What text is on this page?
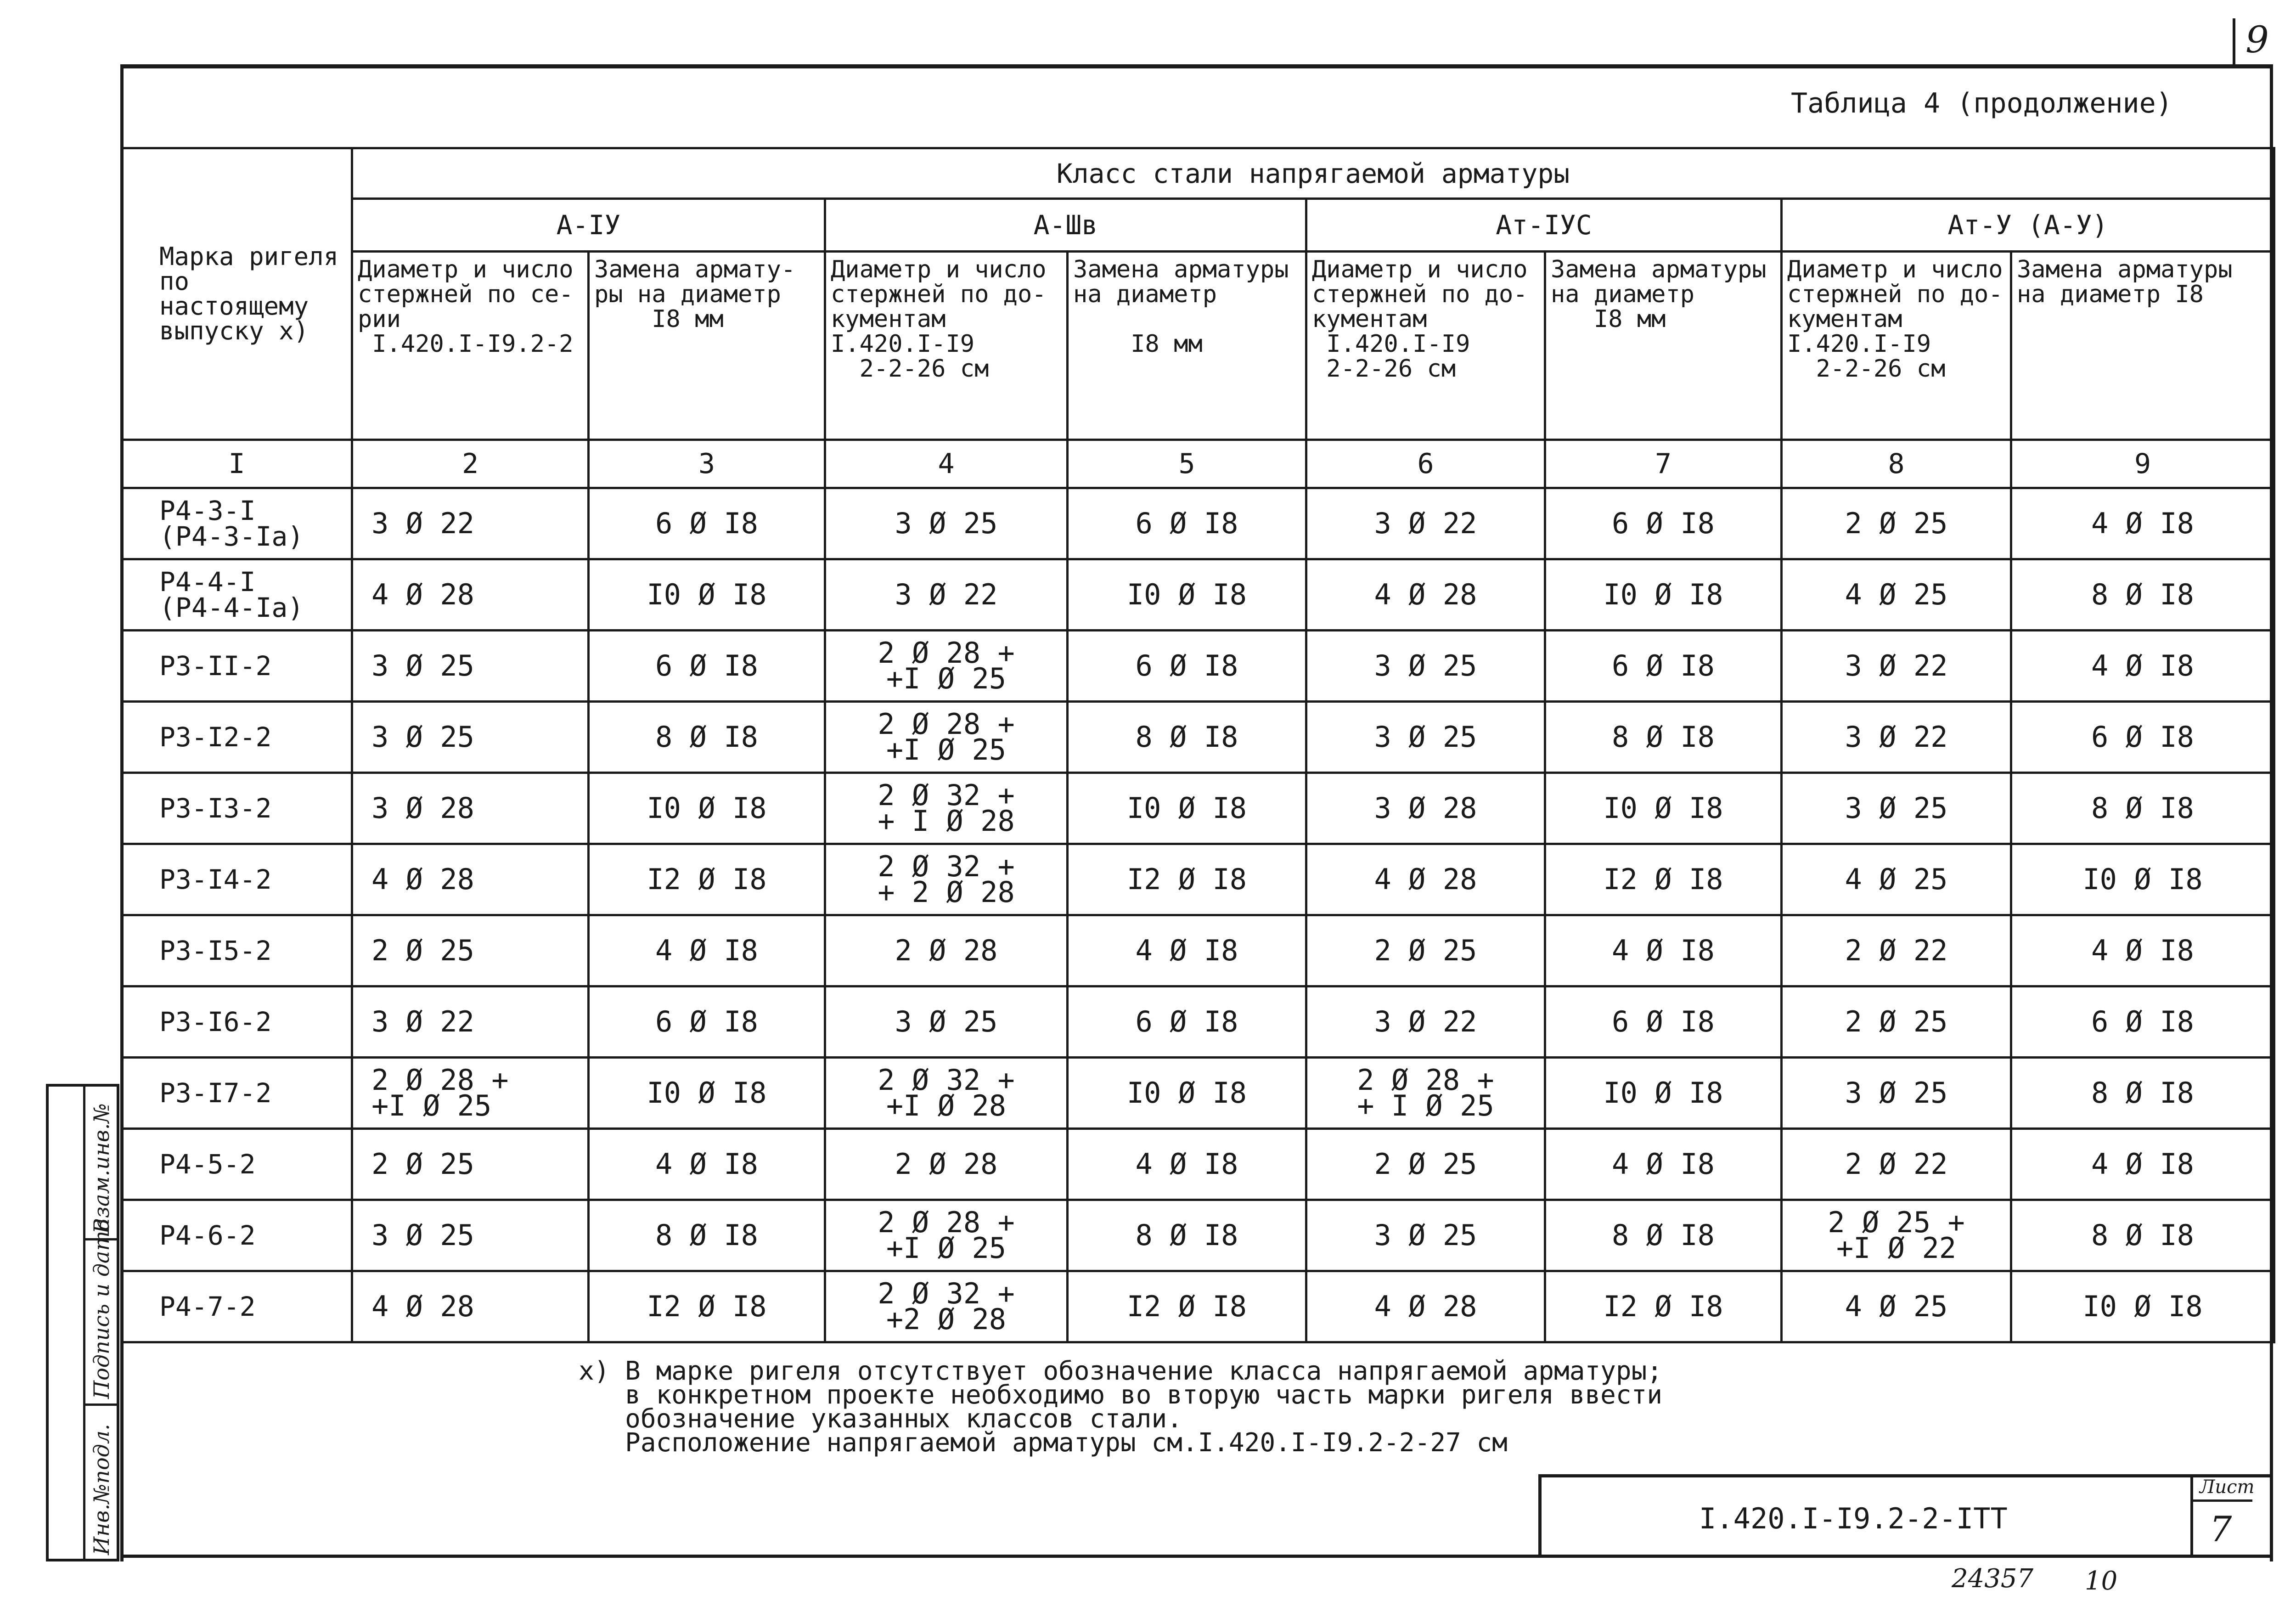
9
Таблица 4 (продолжение)
Марка ригеля
по настоящему
выпуску х)	Класс стали напрягаемой арматуры							
	А-IУ		А-Шв		Ат-IУС		Ат-У (А-У)	
	Диаметр и число
стержней по се-
рии
I.420.I-I9.2-2	Замена армату-
ры на диаметр
I8 мм	Диаметр и число
стержней по до-
кументам
I.420.I-I9
2-2-26 см	Замена арматуры
на диаметр

I8 мм	Диаметр и число
стержней по до-
кументам
I.420.I-I9
2-2-26 см	Замена арматуры
на диаметр
I8 мм	Диаметр и число
стержней по до-
кументам
I.420.I-I9
2-2-26 см	Замена арматуры
на диаметр I8
I	2	3	4	5	6	7	8	9
Р4-3-I
(Р4-3-Iа)	3 Ø 22	6 Ø I8	3 Ø 25	6 Ø I8	3 Ø 22	6 Ø I8	2 Ø 25	4 Ø I8
Р4-4-I
(Р4-4-Iа)	4 Ø 28	I0 Ø I8	3 Ø 22	I0 Ø I8	4 Ø 28	I0 Ø I8	4 Ø 25	8 Ø I8
Р3-II-2	3 Ø 25	6 Ø I8	2 Ø 28 +
+I Ø 25	6 Ø I8	3 Ø 25	6 Ø I8	3 Ø 22	4 Ø I8
Р3-I2-2	3 Ø 25	8 Ø I8	2 Ø 28 +
+I Ø 25	8 Ø I8	3 Ø 25	8 Ø I8	3 Ø 22	6 Ø I8
Р3-I3-2	3 Ø 28	I0 Ø I8	2 Ø 32 +
+ I Ø 28	I0 Ø I8	3 Ø 28	I0 Ø I8	3 Ø 25	8 Ø I8
Р3-I4-2	4 Ø 28	I2 Ø I8	2 Ø 32 +
+ 2 Ø 28	I2 Ø I8	4 Ø 28	I2 Ø I8	4 Ø 25	I0 Ø I8
Р3-I5-2	2 Ø 25	4 Ø I8	2 Ø 28	4 Ø I8	2 Ø 25	4 Ø I8	2 Ø 22	4 Ø I8
Р3-I6-2	3 Ø 22	6 Ø I8	3 Ø 25	6 Ø I8	3 Ø 22	6 Ø I8	2 Ø 25	6 Ø I8
Р3-I7-2	2 Ø 28 +
+I Ø 25	I0 Ø I8	2 Ø 32 +
+I Ø 28	I0 Ø I8	2 Ø 28 +
+ I Ø 25	I0 Ø I8	3 Ø 25	8 Ø I8
Р4-5-2	2 Ø 25	4 Ø I8	2 Ø 28	4 Ø I8	2 Ø 25	4 Ø I8	2 Ø 22	4 Ø I8
Р4-6-2	3 Ø 25	8 Ø I8	2 Ø 28 +
+I Ø 25	8 Ø I8	3 Ø 25	8 Ø I8	2 Ø 25 +
+I Ø 22	8 Ø I8
Р4-7-2	4 Ø 28	I2 Ø I8	2 Ø 32 +
+2 Ø 28	I2 Ø I8	4 Ø 28	I2 Ø I8	4 Ø 25	I0 Ø I8
х) В марке ригеля отсутствует обозначение класса напрягаемой арматуры;
в конкретном проекте необходимо во вторую часть марки ригеля ввести
обозначение указанных классов стали.
Расположение напрягаемой арматуры см.I.420.I-I9.2-2-27 см
Взам.инв.№
Подпись и дата
Инв.№подл.	I.420.I-I9.2-2-IТТ
Лист
7
24357 10
